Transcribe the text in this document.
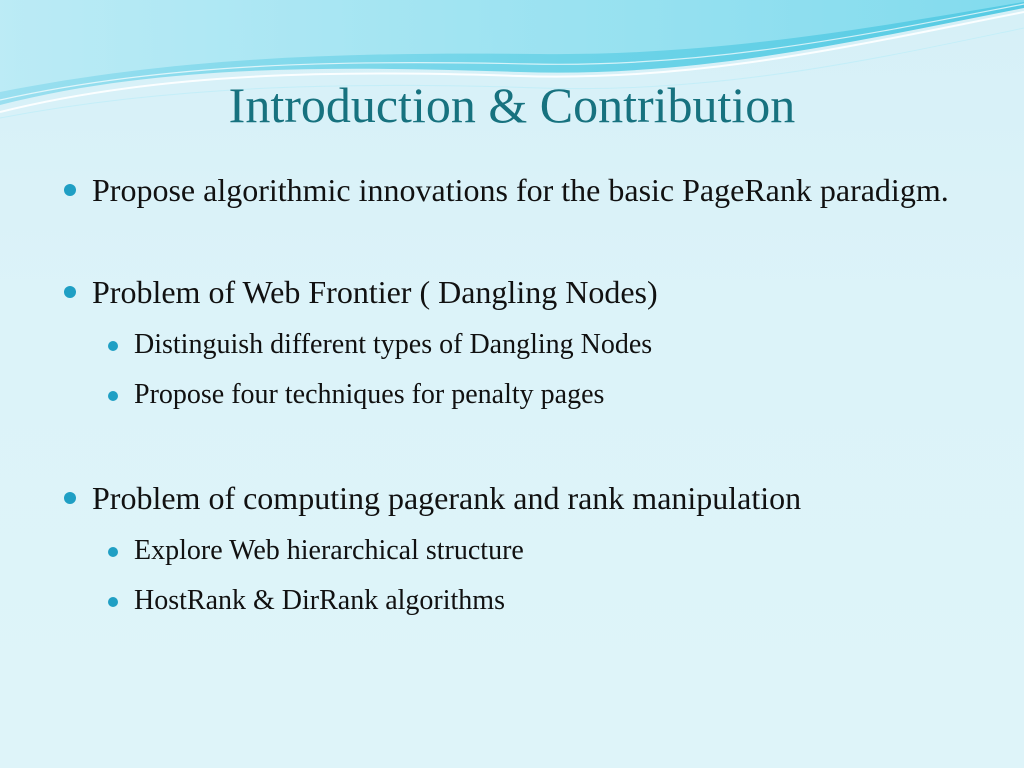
Introduction & Contribution
Propose algorithmic innovations for the basic PageRank paradigm.
Problem of Web Frontier ( Dangling Nodes)
Distinguish different types of Dangling Nodes
Propose four techniques for penalty pages
Problem of computing pagerank and rank manipulation
Explore Web hierarchical structure
HostRank & DirRank algorithms
